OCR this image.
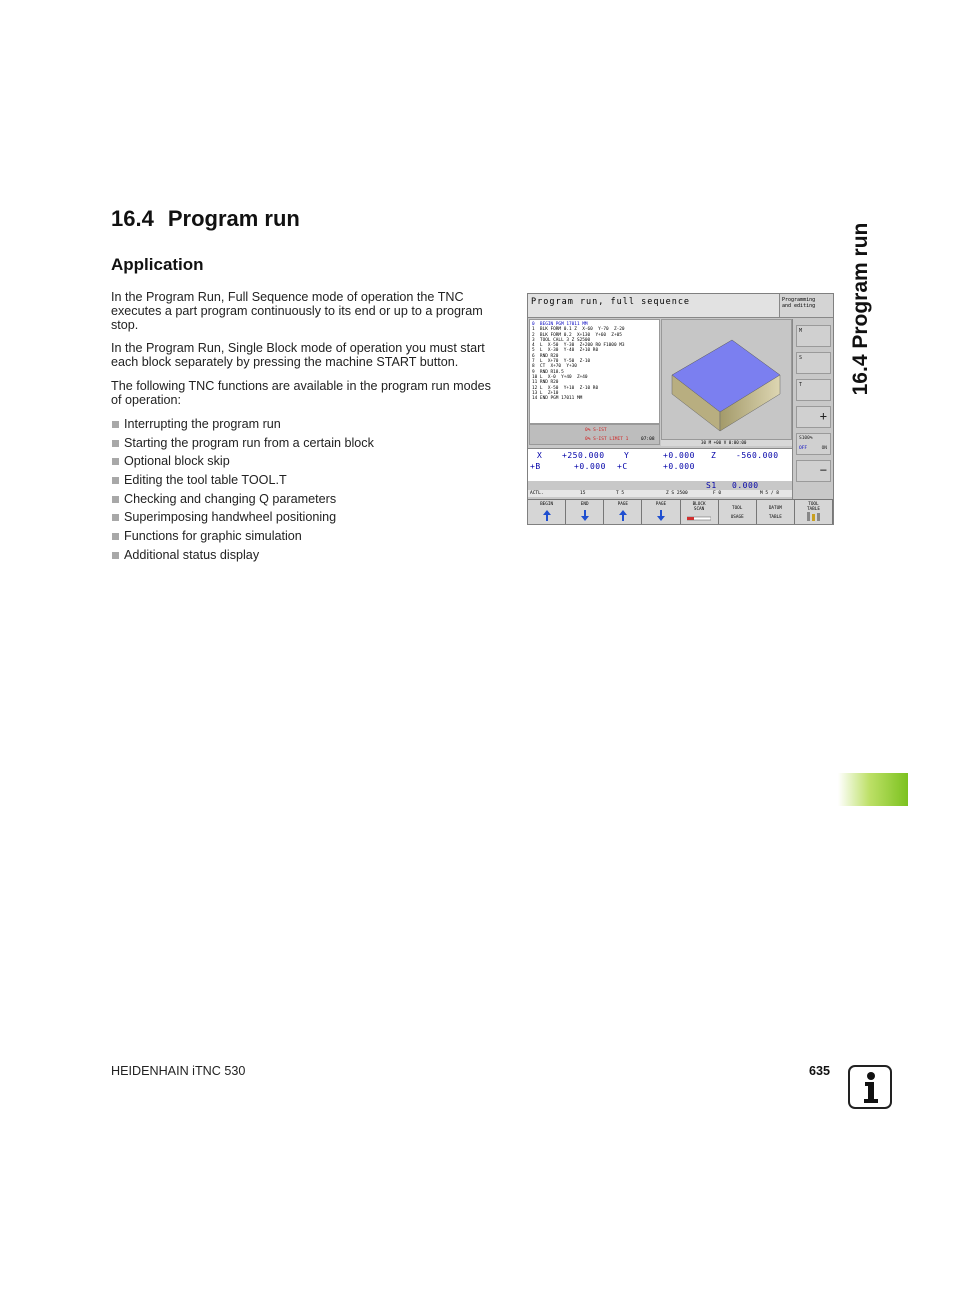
16.4 Program run
Application

In the Program Run, Full Sequence mode of operation the TNC executes a part program continuously to its end or up to a program stop.

In the Program Run, Single Block mode of operation you must start each block separately by pressing the machine START button.

The following TNC functions are available in the program run modes of operation:

Interrupting the program run
Starting the program run from a certain block
Optional block skip
Editing the tool table TOOL.T
Checking and changing Q parameters
Superimposing handwheel positioning
Functions for graphic simulation
Additional status display
16.4 Program run
Program run, full sequence	Programming
and editing
0  BEGIN PGM 17011 MM
1  BLK FORM 0.1 Z  X-60  Y-70  Z-20
2  BLK FORM 0.2  X+130  Y+60  Z+05
3  TOOL CALL 3 Z S2500
4  L  X-50  Y-30  Z+200 R0 F1000 M3
5  L  X-30  Y-40  Z+10 R0
6  RND R20
7  L  X+70  Y-50  Z-10
8  CT  X+70  Y+30
9  RND R18.5
10 L  X-0  Y+40  Z+40
11 RND R20
12 L  X-50  Y+10  Z-10 R0
13 L  Z+10
14 END PGM 17011 MM
0% S-IST
0% S-IST LIMIT 1	07:08
30 M +00 V 0:00:00
X +250.000 Y	+0.000 Z -560.000
+B	+0.000 +C	+0.000
S1 0.000
ACTL.	15	T 5	Z S 2500	F 0	M 5 / 8
M
S
T
+
S100%
OFF	ON
−
BEGIN	END	PAGE	PAGE	BLOCK
SCAN	TOOL
USAGE
DATUM
TABLE
TOOL
TABLE
HEIDENHAIN iTNC 530	635
